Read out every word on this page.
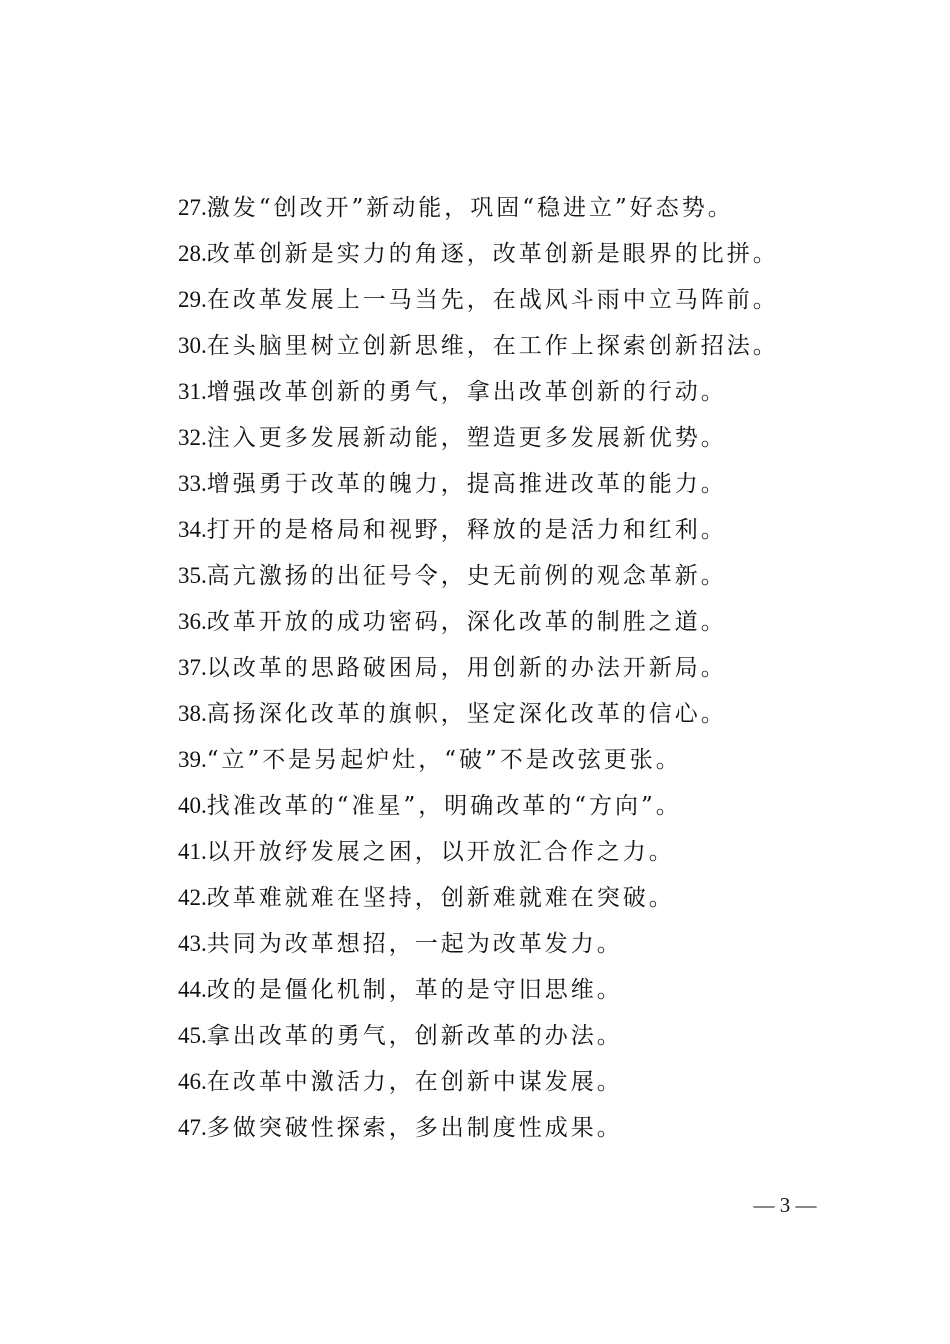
27.激发“创改开”新动能，巩固“稳进立”好态势。
28.改革创新是实力的角逐，改革创新是眼界的比拼。
29.在改革发展上一马当先，在战风斗雨中立马阵前。
30.在头脑里树立创新思维，在工作上探索创新招法。
31.增强改革创新的勇气，拿出改革创新的行动。
32.注入更多发展新动能，塑造更多发展新优势。
33.增强勇于改革的魄力，提高推进改革的能力。
34.打开的是格局和视野，释放的是活力和红利。
35.高亢激扬的出征号令，史无前例的观念革新。
36.改革开放的成功密码，深化改革的制胜之道。
37.以改革的思路破困局，用创新的办法开新局。
38.高扬深化改革的旗帜，坚定深化改革的信心。
39.“立”不是另起炉灶，“破”不是改弦更张。
40.找准改革的“准星”，明确改革的“方向”。
41.以开放纾发展之困，以开放汇合作之力。
42.改革难就难在坚持，创新难就难在突破。
43.共同为改革想招，一起为改革发力。
44.改的是僵化机制，革的是守旧思维。
45.拿出改革的勇气，创新改革的办法。
46.在改革中激活力，在创新中谋发展。
47.多做突破性探索，多出制度性成果。
— 3 —
